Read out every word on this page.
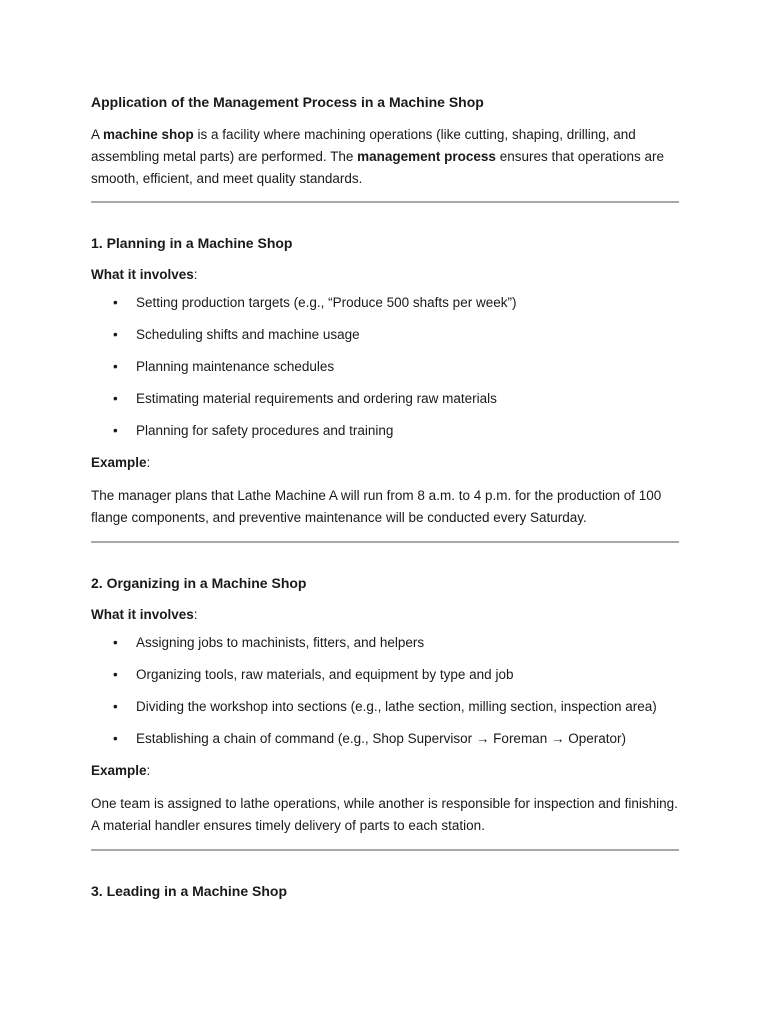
Application of the Management Process in a Machine Shop

A machine shop is a facility where machining operations (like cutting, shaping, drilling, and assembling metal parts) are performed. The management process ensures that operations are smooth, efficient, and meet quality standards.

1. Planning in a Machine Shop

What it involves:

• Setting production targets (e.g., “Produce 500 shafts per week”)
• Scheduling shifts and machine usage
• Planning maintenance schedules
• Estimating material requirements and ordering raw materials
• Planning for safety procedures and training

Example:

The manager plans that Lathe Machine A will run from 8 a.m. to 4 p.m. for the production of 100 flange components, and preventive maintenance will be conducted every Saturday.

2. Organizing in a Machine Shop

What it involves:

• Assigning jobs to machinists, fitters, and helpers
• Organizing tools, raw materials, and equipment by type and job
• Dividing the workshop into sections (e.g., lathe section, milling section, inspection area)
• Establishing a chain of command (e.g., Shop Supervisor → Foreman → Operator)

Example:

One team is assigned to lathe operations, while another is responsible for inspection and finishing. A material handler ensures timely delivery of parts to each station.

3. Leading in a Machine Shop
